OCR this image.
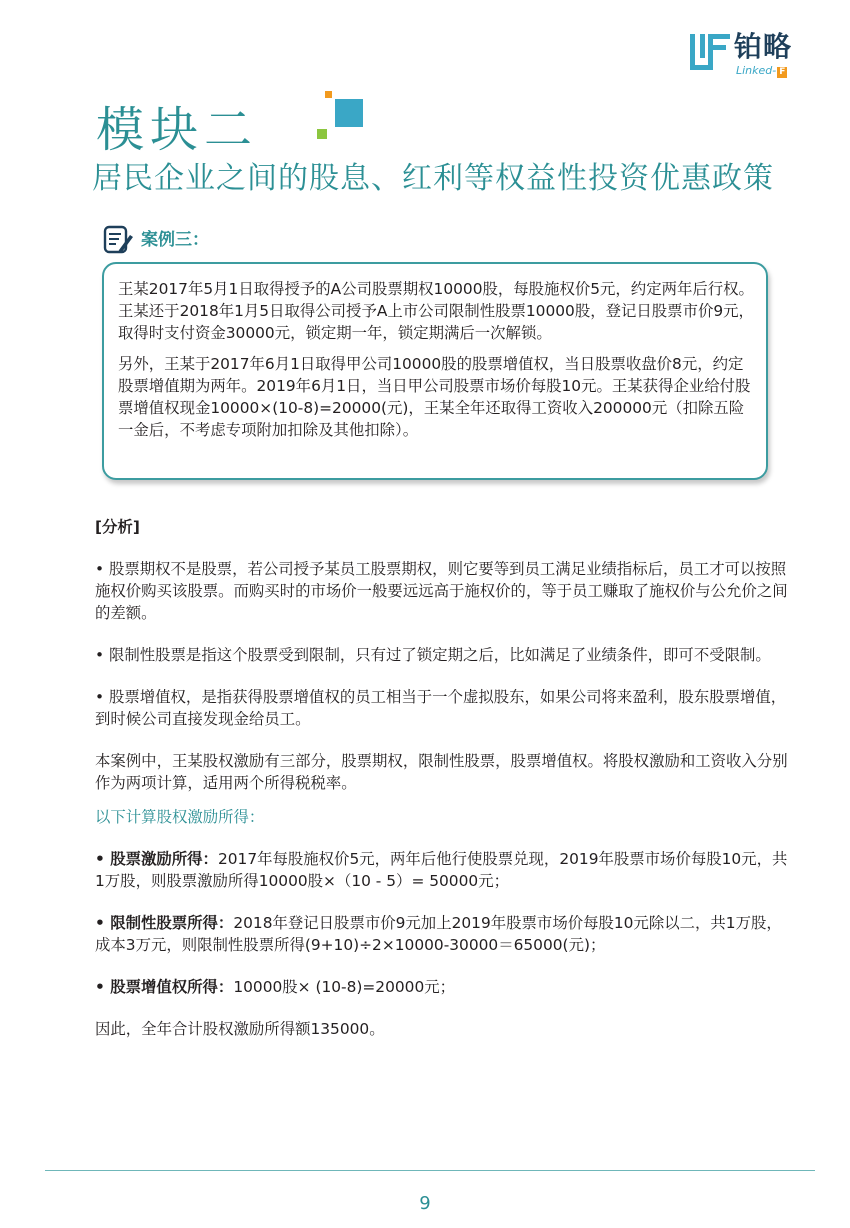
铂略
Linked- F
模块二
居民企业之间的股息、红利等权益性投资优惠政策
案例三：

王某2017年5月1日取得授予的A公司股票期权10000股，每股施权价5元，约定两年后行权。王某还于2018年1月5日取得公司授予A上市公司限制性股票10000股，登记日股票市价9元，取得时支付资金30000元，锁定期一年，锁定期满后一次解锁。

另外，王某于2017年6月1日取得甲公司10000股的股票增值权，当日股票收盘价8元，约定股票增值期为两年。2019年6月1日，当日甲公司股票市场价每股10元。王某获得企业给付股票增值权现金10000×(10-8)=20000(元)，王某全年还取得工资收入200000元（扣除五险一金后，不考虑专项附加扣除及其他扣除）。

[分析]

• 股票期权不是股票，若公司授予某员工股票期权，则它要等到员工满足业绩指标后，员工才可以按照施权价购买该股票。而购买时的市场价一般要远远高于施权价的，等于员工赚取了施权价与公允价之间的差额。

• 限制性股票是指这个股票受到限制，只有过了锁定期之后，比如满足了业绩条件，即可不受限制。

• 股票增值权，是指获得股票增值权的员工相当于一个虚拟股东，如果公司将来盈利，股东股票增值，到时候公司直接发现金给员工。

本案例中，王某股权激励有三部分，股票期权，限制性股票，股票增值权。将股权激励和工资收入分别作为两项计算，适用两个所得税税率。

以下计算股权激励所得：

• 股票激励所得：2017年每股施权价5元，两年后他行使股票兑现，2019年股票市场价每股10元，共1万股，则股票激励所得10000股×（10 - 5）= 50000元；

• 限制性股票所得：2018年登记日股票市价9元加上2019年股票市场价每股10元除以二，共1万股，成本3万元，则限制性股票所得(9+10)÷2×10000-30000＝65000(元)；

• 股票增值权所得：10000股× (10-8)=20000元；

因此，全年合计股权激励所得额135000。

9
